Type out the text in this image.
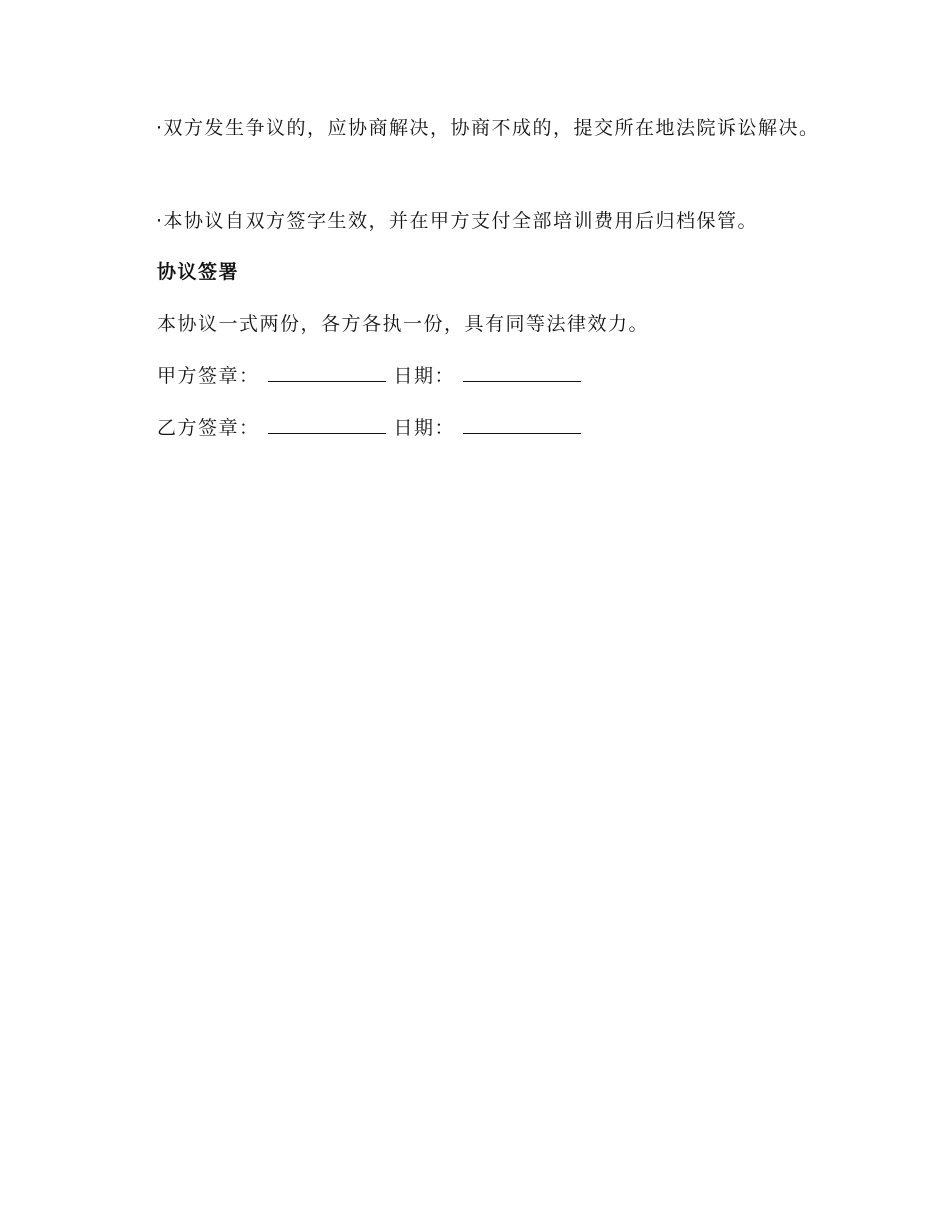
·双方发生争议的，应协商解决，协商不成的，提交所在地法院诉讼解决。

·本协议自双方签字生效，并在甲方支付全部培训费用后归档保管。

协议签署

本协议一式两份，各方各执一份，具有同等法律效力。

甲方签章：	日期：
乙方签章：	日期：
